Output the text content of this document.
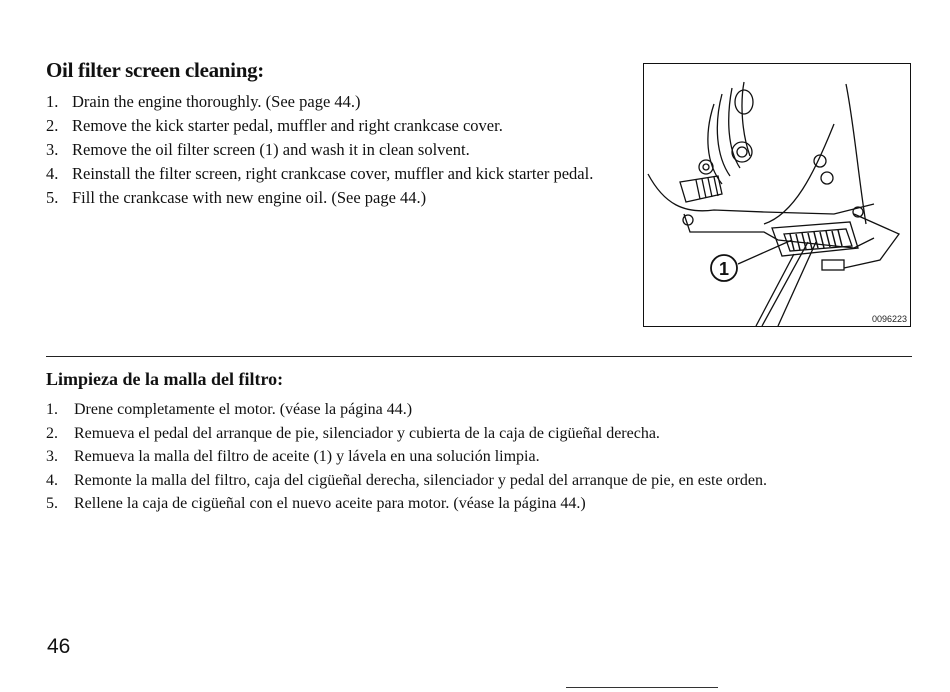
Oil filter screen cleaning:
1. Drain the engine thoroughly. (See page 44.)
2. Remove the kick starter pedal, muffler and right crankcase cover.
3. Remove the oil filter screen (1) and wash it in clean solvent.
4. Reinstall the filter screen, right crankcase cover, muffler and kick starter pedal.
5. Fill the crankcase with new engine oil. (See page 44.)
1
0096223
Limpieza de la malla del filtro:
1. Drene completamente el motor. (véase la página 44.)
2. Remueva el pedal del arranque de pie, silenciador y cubierta de la caja de cigüeñal derecha.
3. Remueva la malla del filtro de aceite (1) y lávela en una solución limpia.
4. Remonte la malla del filtro, caja del cigüeñal derecha, silenciador y pedal del arranque de pie, en este orden.
5. Rellene la caja de cigüeñal con el nuevo aceite para motor. (véase la página 44.)
46
